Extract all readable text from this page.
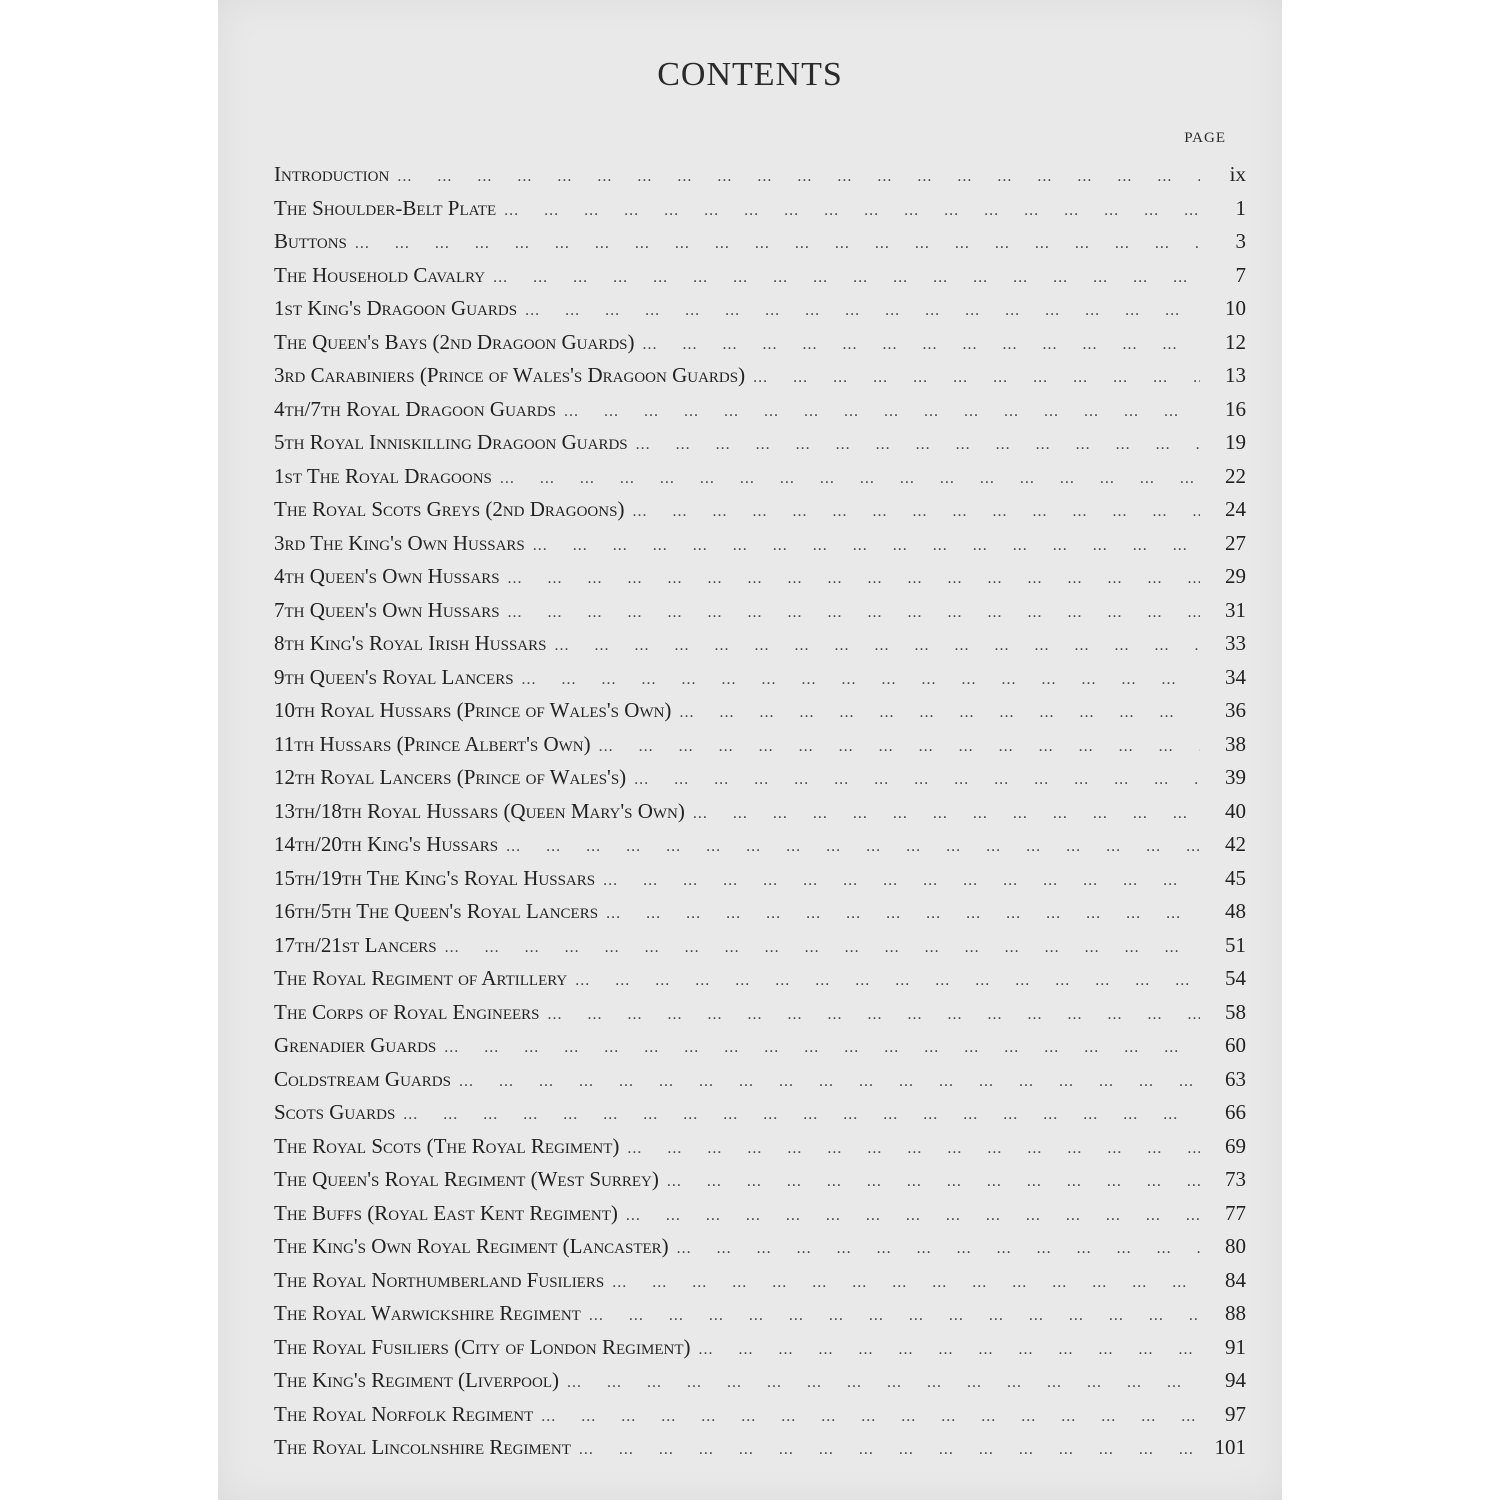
CONTENTS
PAGE
Introduction ...	ix
The Shoulder-Belt Plate ...	1
Buttons ...	3
The Household Cavalry ...	7
1st King's Dragoon Guards ...	10
The Queen's Bays (2nd Dragoon Guards) ...	12
3rd Carabiniers (Prince of Wales's Dragoon Guards) ...	13
4th/7th Royal Dragoon Guards ...	16
5th Royal Inniskilling Dragoon Guards ...	19
1st The Royal Dragoons ...	22
The Royal Scots Greys (2nd Dragoons) ...	24
3rd The King's Own Hussars ...	27
4th Queen's Own Hussars ...	29
7th Queen's Own Hussars ...	31
8th King's Royal Irish Hussars ...	33
9th Queen's Royal Lancers ...	34
10th Royal Hussars (Prince of Wales's Own) ...	36
11th Hussars (Prince Albert's Own) ...	38
12th Royal Lancers (Prince of Wales's) ...	39
13th/18th Royal Hussars (Queen Mary's Own) ...	40
14th/20th King's Hussars ...	42
15th/19th The King's Royal Hussars ...	45
16th/5th The Queen's Royal Lancers ...	48
17th/21st Lancers ...	51
The Royal Regiment of Artillery ...	54
The Corps of Royal Engineers ...	58
Grenadier Guards ...	60
Coldstream Guards ...	63
Scots Guards ...	66
The Royal Scots (The Royal Regiment) ...	69
The Queen's Royal Regiment (West Surrey) ...	73
The Buffs (Royal East Kent Regiment) ...	77
The King's Own Royal Regiment (Lancaster) ...	80
The Royal Northumberland Fusiliers ...	84
The Royal Warwickshire Regiment ...	88
The Royal Fusiliers (City of London Regiment) ...	91
The King's Regiment (Liverpool) ...	94
The Royal Norfolk Regiment ...	97
The Royal Lincolnshire Regiment ...	101
